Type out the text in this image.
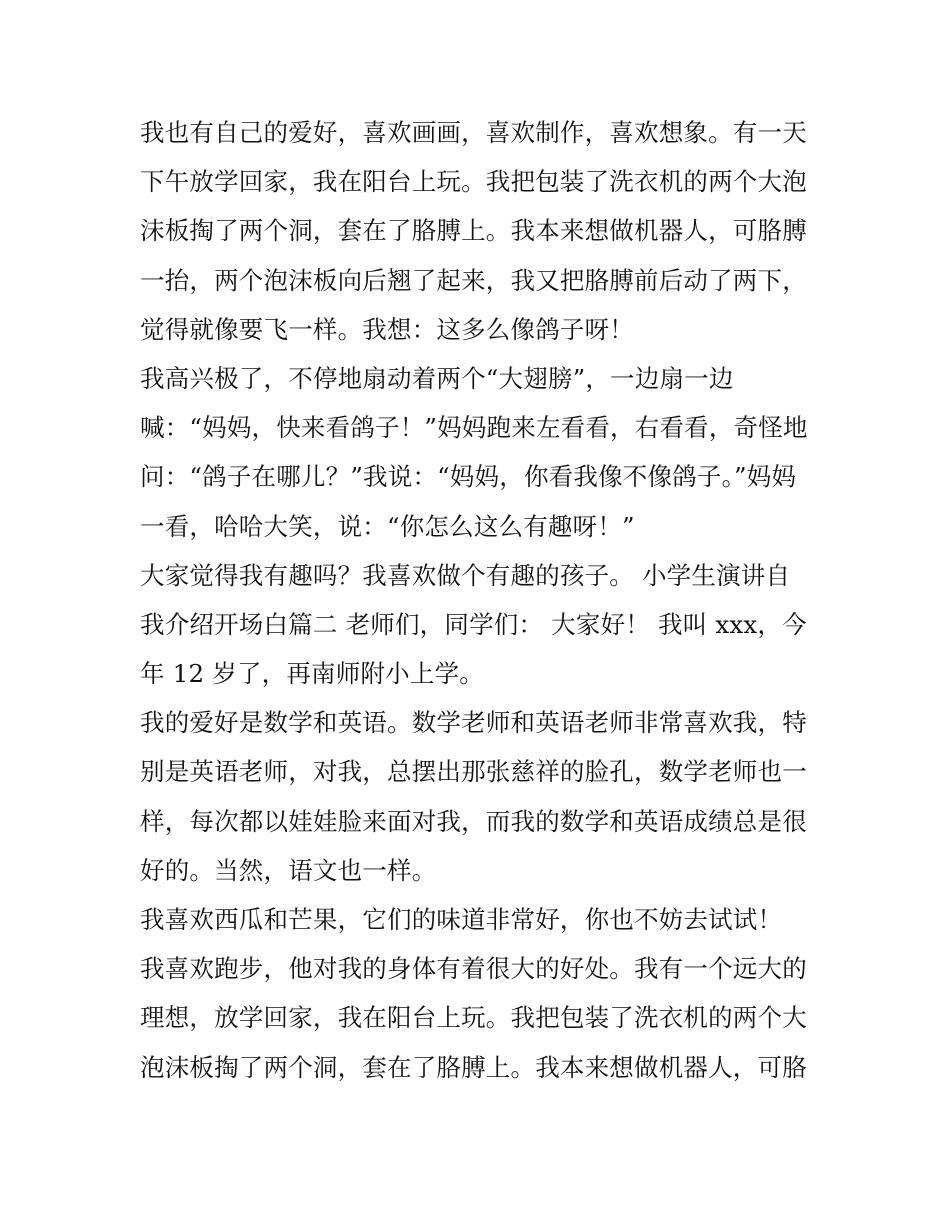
我也有自己的爱好，喜欢画画，喜欢制作，喜欢想象。有一天
下午放学回家，我在阳台上玩。我把包装了洗衣机的两个大泡
沫板掏了两个洞，套在了胳膊上。我本来想做机器人，可胳膊
一抬，两个泡沫板向后翘了起来，我又把胳膊前后动了两下，
觉得就像要飞一样。我想：这多么像鸽子呀！
我高兴极了，不停地扇动着两个“大翅膀”，一边扇一边
喊：“妈妈，快来看鸽子！”妈妈跑来左看看，右看看，奇怪地
问：“鸽子在哪儿？”我说：“妈妈，你看我像不像鸽子。”妈妈
一看，哈哈大笑，说：“你怎么这么有趣呀！”
大家觉得我有趣吗？我喜欢做个有趣的孩子。 小学生演讲自
我介绍开场白篇二 老师们，同学们： 大家好！ 我叫 xxx，今
年 12 岁了，再南师附小上学。
我的爱好是数学和英语。数学老师和英语老师非常喜欢我，特
别是英语老师，对我，总摆出那张慈祥的脸孔，数学老师也一
样，每次都以娃娃脸来面对我，而我的数学和英语成绩总是很
好的。当然，语文也一样。
我喜欢西瓜和芒果，它们的味道非常好，你也不妨去试试！
我喜欢跑步，他对我的身体有着很大的好处。我有一个远大的
理想，放学回家，我在阳台上玩。我把包装了洗衣机的两个大
泡沫板掏了两个洞，套在了胳膊上。我本来想做机器人，可胳
